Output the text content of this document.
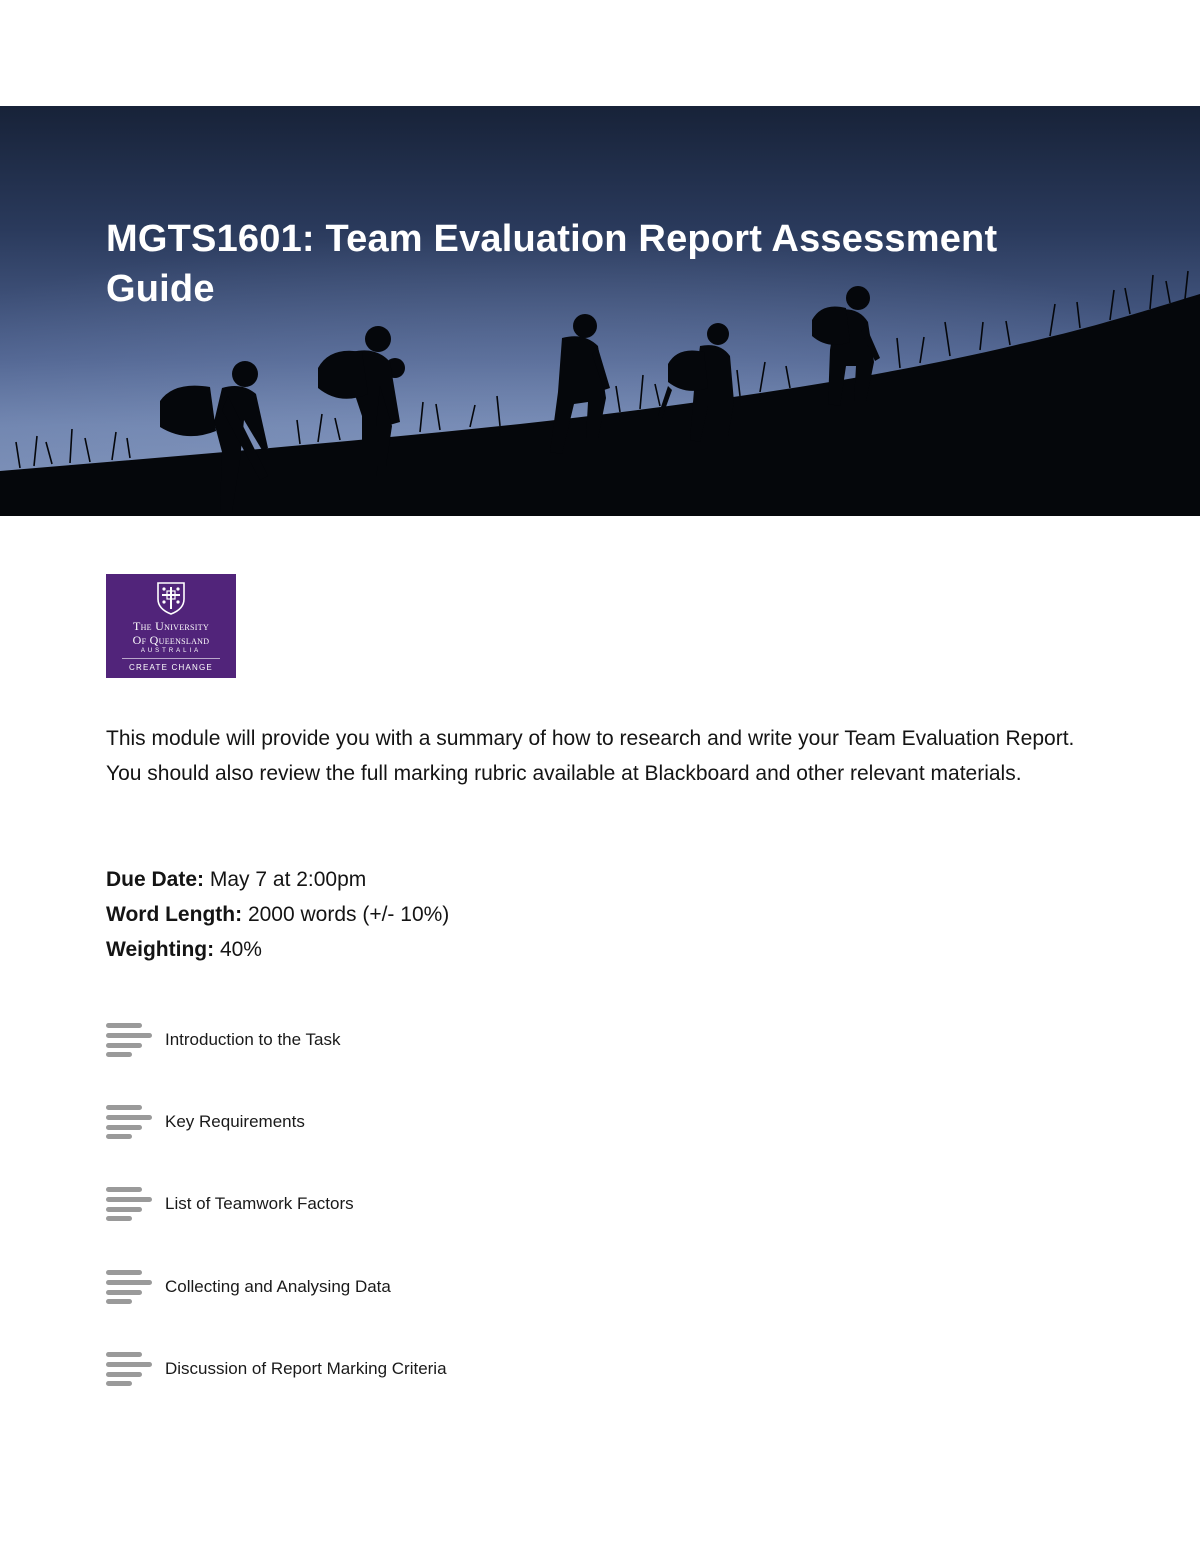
MGTS1601: Team Evaluation Report Assessment Guide
The University
Of Queensland
AUSTRALIA
CREATE CHANGE

This module will provide you with a summary of how to research and write your Team Evaluation Report. You should also review the full marking rubric available at Blackboard and other relevant materials.

Due Date: May 7 at 2:00pm
Word Length: 2000 words (+/- 10%)
Weighting: 40%
Introduction to the Task
Key Requirements
List of Teamwork Factors
Collecting and Analysing Data
Discussion of Report Marking Criteria
